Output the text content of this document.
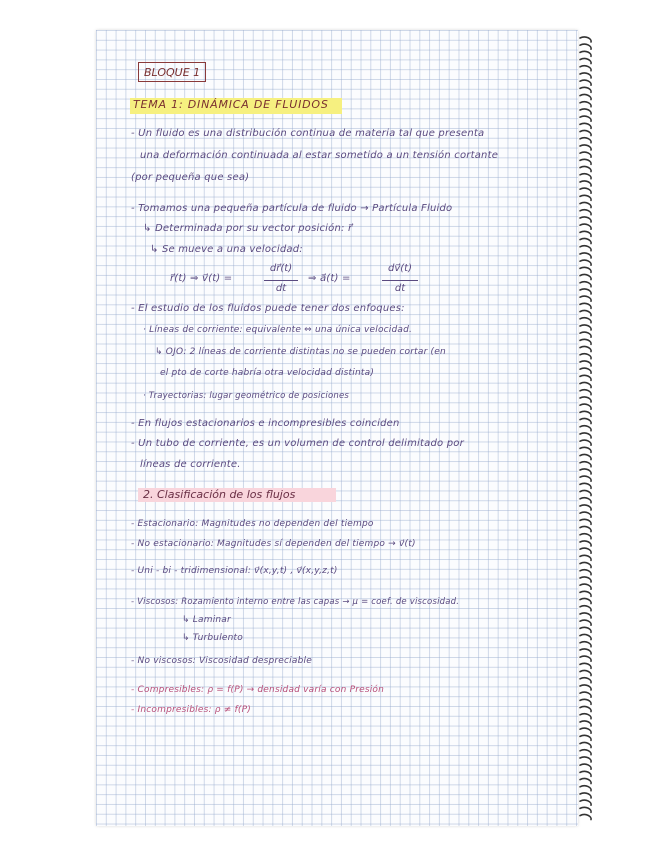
BLOQUE 1
TEMA 1: DINÁMICA DE FLUIDOS
- Un fluido es una distribución continua de materia tal que presenta
una deformación continuada al estar sometido a un tensión cortante
(por pequeña que sea)
- Tomamos una pequeña partícula de fluido → Partícula Fluido
↳ Determinada por su vector posición: r⃗
↳ Se mueve a una velocidad:
r⃗(t) ⇒ v⃗(t) =
dr⃗(t)
dt
⇒ a⃗(t) =
dv⃗(t)
dt
- El estudio de los fluidos puede tener dos enfoques:
· Líneas de corriente: equivalente ⇔ una única velocidad.
↳ OJO: 2 líneas de corriente distintas no se pueden cortar (en
el pto de corte habría otra velocidad distinta)
· Trayectorias: lugar geométrico de posiciones
- En flujos estacionarios e incompresibles coinciden
- Un tubo de corriente, es un volumen de control delimitado por
líneas de corriente.
2. Clasificación de los flujos
- Estacionario: Magnitudes no dependen del tiempo
- No estacionario: Magnitudes sí dependen del tiempo → v⃗(t)
- Uni - bi - tridimensional: v⃗(x,y,t) , v⃗(x,y,z,t)
- Viscosos: Rozamiento interno entre las capas → μ = coef. de viscosidad.
↳ Laminar
↳ Turbulento
- No viscosos: Viscosidad despreciable
- Compresibles: ρ = f(P) → densidad varía con Presión
- Incompresibles: ρ ≠ f(P)
